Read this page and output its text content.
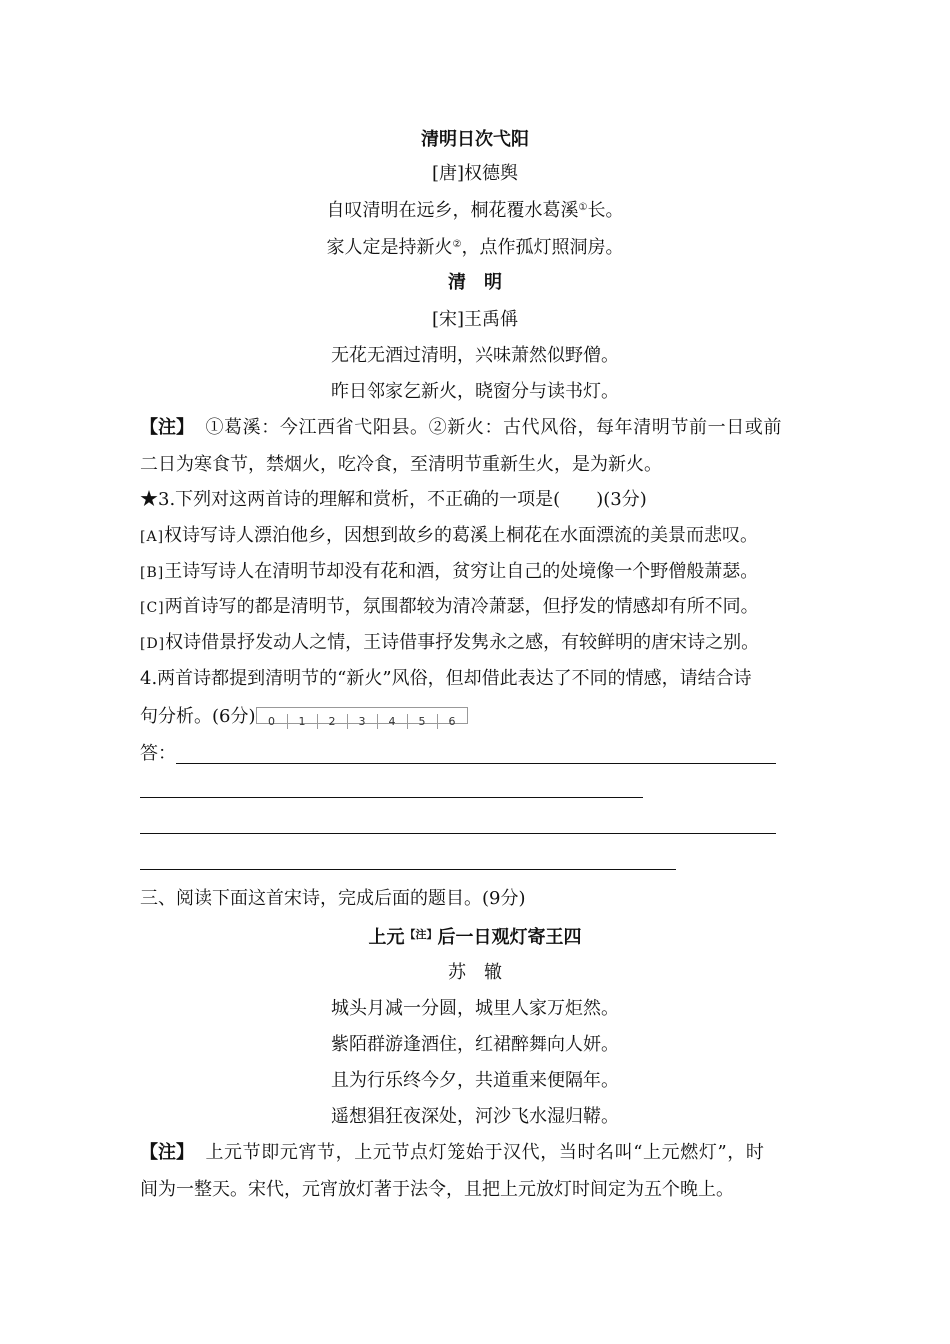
清明日次弋阳
[唐]权德舆
自叹清明在远乡，桐花覆水葛溪①长。
家人定是持新火②，点作孤灯照洞房。
清　明
[宋]王禹偁
无花无酒过清明，兴味萧然似野僧。
昨日邻家乞新火，晓窗分与读书灯。
【注】 ①葛溪：今江西省弋阳县。②新火：古代风俗，每年清明节前一日或前
二日为寒食节，禁烟火，吃冷食，至清明节重新生火，是为新火。
★3.下列对这两首诗的理解和赏析，不正确的一项是( )(3分)
[A]权诗写诗人漂泊他乡，因想到故乡的葛溪上桐花在水面漂流的美景而悲叹。
[B]王诗写诗人在清明节却没有花和酒，贫穷让自己的处境像一个野僧般萧瑟。
[C]两首诗写的都是清明节，氛围都较为清冷萧瑟，但抒发的情感却有所不同。
[D]权诗借景抒发动人之情，王诗借事抒发隽永之感，有较鲜明的唐宋诗之别。
4.两首诗都提到清明节的“新火”风俗，但却借此表达了不同的情感，请结合诗
句分析。(6分) 0 1 2 3 4 5 6
答：
三、阅读下面这首宋诗，完成后面的题目。(9分)
上元$^{【注】}$后一日观灯寄王四
苏　辙
城头月减一分圆，城里人家万炬然。
紫陌群游逢酒住，红裙醉舞向人妍。
且为行乐终今夕，共道重来便隔年。
遥想猖狂夜深处，河沙飞水湿归鞯。
【注】 上元节即元宵节，上元节点灯笼始于汉代，当时名叫“上元燃灯”，时
间为一整天。宋代，元宵放灯著于法令，且把上元放灯时间定为五个晚上。
